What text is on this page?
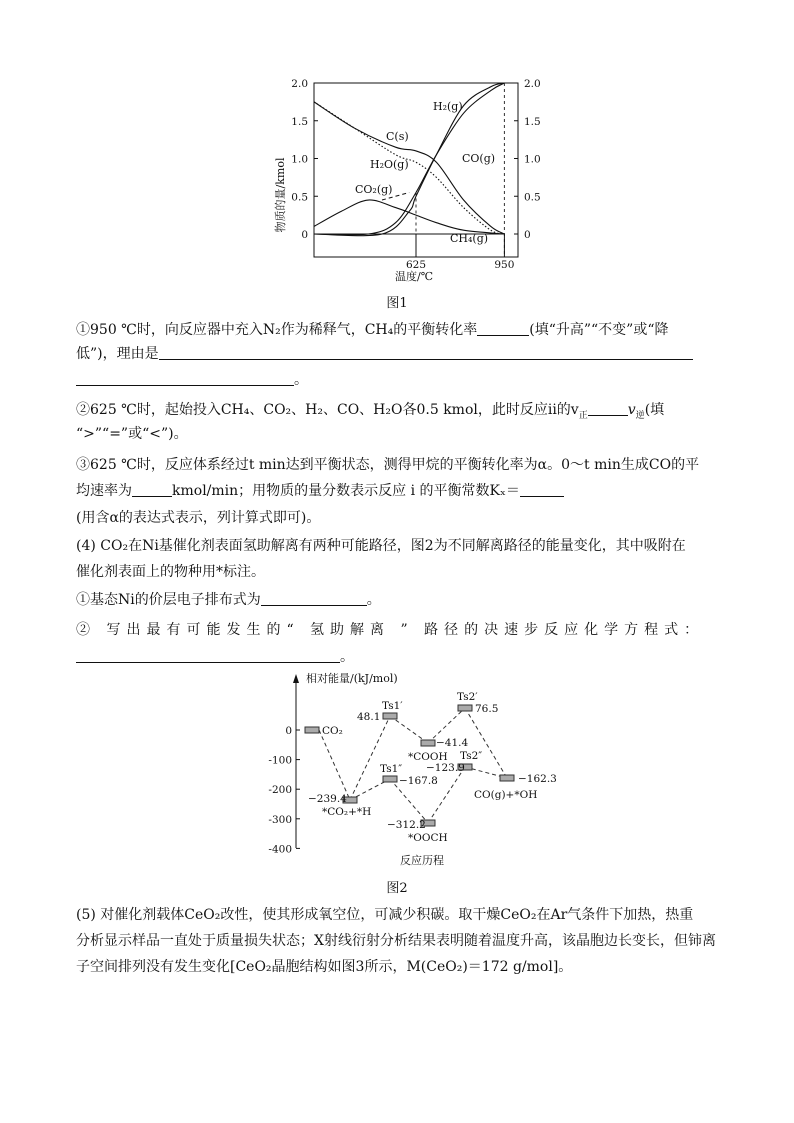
2.0	2.0
1.5	1.5
1.0	1.0
0.5	0.5
0	0
625	950
物质的量/kmol
温度/℃
H₂(g)
C(s)
H₂O(g)	CO(g)
CO₂(g)
CH₄(g)
图1
①950 ℃时，向反应器中充入N₂作为稀释气，CH₄的平衡转化率	(填“升高”“不变”或“降
低”)，理由是
。
②625 ℃时，起始投入CH₄、CO₂、H₂、CO、H₂O各0.5 kmol，此时反应ii的$v_正$	$v_逆$(填
“>”“=”或“<”)。
③625 ℃时，反应体系经过t min达到平衡状态，测得甲烷的平衡转化率为α。0～t min生成CO的平
均速率为	kmol/min；用物质的量分数表示反应 i 的平衡常数Kₓ＝
(用含α的表达式表示，列计算式即可)。
(4) CO₂在Ni基催化剂表面氢助解离有两种可能路径，图2为不同解离路径的能量变化，其中吸附在
催化剂表面上的物种用*标注。
①基态Ni的价层电子排布式为	。
② 写出最有可能发生的“ 氢助解离 ” 路径的决速步反应化学方程式：
。
相对能量/(kJ/mol)
反应历程
0
-100
-200
-300
-400
CO₂
−239.4
*CO₂+*H
Ts1′
48.1
−41.4
*COOH
Ts2′
76.5
Ts1″
−167.8
−312.2
*OOCH
−123.9
Ts2″
−162.3
CO(g)+*OH
图2
(5) 对催化剂载体CeO₂改性，使其形成氧空位，可减少积碳。取干燥CeO₂在Ar气条件下加热，热重
分析显示样品一直处于质量损失状态；X射线衍射分析结果表明随着温度升高，该晶胞边长变长，但铈离
子空间排列没有发生变化[CeO₂晶胞结构如图3所示，M(CeO₂)＝172 g/mol]。
